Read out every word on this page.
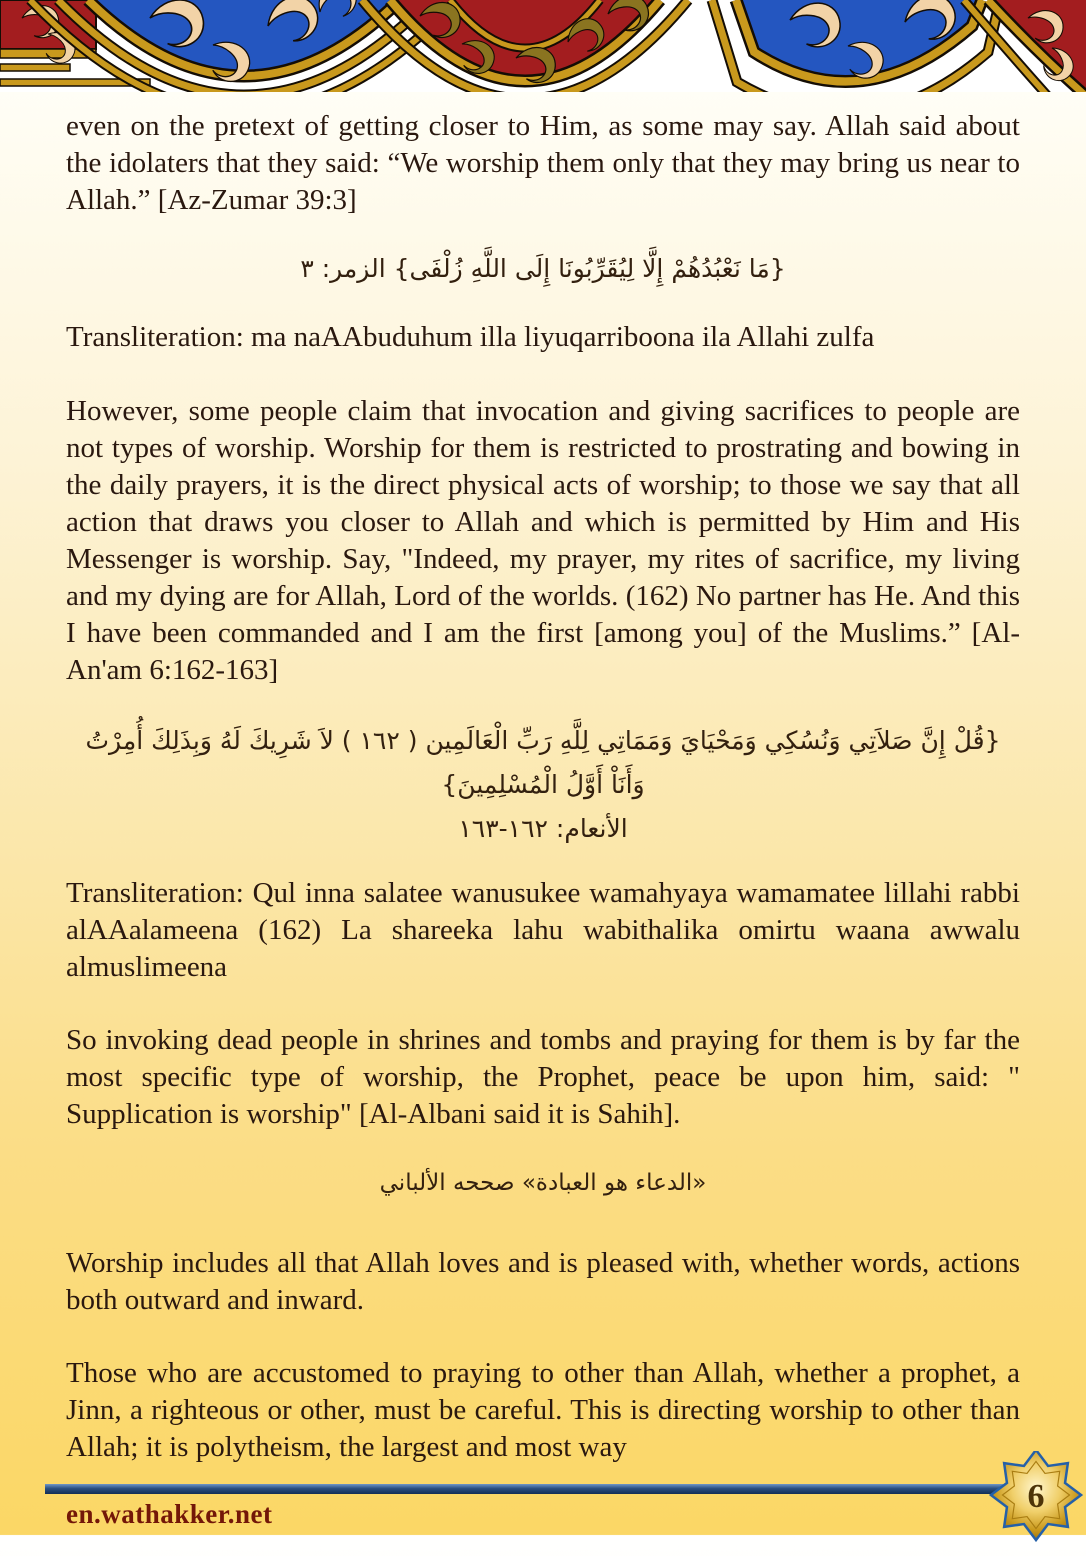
even on the pretext of getting closer to Him, as some may say. Allah said about the idolaters that they said: “We worship them only that they may bring us near to Allah.” [Az-Zumar 39:3]
{مَا نَعْبُدُهُمْ إِلَّا لِيُقَرِّبُونَا إِلَى اللَّهِ زُلْفَى} الزمر: ٣
Transliteration: ma naAAbuduhum illa liyuqarriboona ila Allahi zulfa
However, some people claim that invocation and giving sacrifices to people are not types of worship. Worship for them is restricted to prostrating and bowing in the daily prayers, it is the direct physical acts of worship; to those we say that all action that draws you closer to Allah and which is permitted by Him and His Messenger is worship. Say, "Indeed, my prayer, my rites of sacrifice, my living and my dying are for Allah, Lord of the worlds. (162) No partner has He. And this I have been commanded and I am the first [among you] of the Muslims.” [Al-An'am 6:162-163]
{قُلْ إِنَّ صَلاَتِي وَنُسُكِي وَمَحْيَايَ وَمَمَاتِي لِلَّهِ رَبِّ الْعَالَمِين ( ١٦٢ ) لاَ شَرِيكَ لَهُ وَبِذَلِكَ أُمِرْتُ وَأَنَاْ أَوَّلُ الْمُسْلِمِينَ}
الأنعام: ١٦٢-١٦٣
Transliteration: Qul inna salatee wanusukee wamahyaya wamamatee lillahi rabbi alAAalameena (162) La shareeka lahu wabithalika omirtu waana awwalu almuslimeena
So invoking dead people in shrines and tombs and praying for them is by far the most specific type of worship, the Prophet, peace be upon him, said: " Supplication is worship" [Al-Albani said it is Sahih].
«الدعاء هو العبادة» صححه الألباني
Worship includes all that Allah loves and is pleased with, whether words, actions both outward and inward.
Those who are accustomed to praying to other than Allah, whether a prophet, a Jinn, a righteous or other, must be careful. This is directing worship to other than Allah; it is polytheism, the largest and most way
en.wathakker.net	6
